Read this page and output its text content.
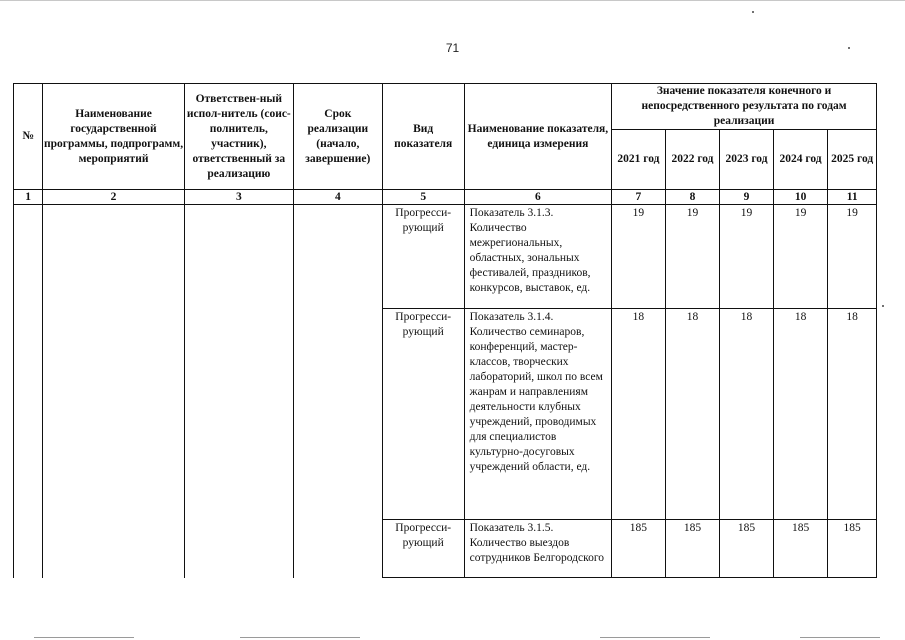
71
№	Наименование государственной программы, подпрограмм, мероприятий	Ответствен-ный испол-нитель (соис-полнитель, участник), ответственный за реализацию	Срок реализации (начало, завершение)	Вид показателя	Наименование показателя, единица измерения	Значение показателя конечного и непосредственного результата по годам реализации				
						2021 год	2022 год	2023 год	2024 год	2025 год
1	2	3	4	5	6	7	8	9	10	11
				Прогресси-рующий	Показатель 3.1.3. Количество межрегиональных, областных, зональных фестивалей, праздников, конкурсов, выставок, ед.	19	19	19	19	19
				Прогресси-рующий	Показатель 3.1.4. Количество семинаров, конференций, мастер-классов, творческих лабораторий, школ по всем жанрам и направлениям деятельности клубных учреждений, проводимых для специалистов культурно-досуговых учреждений области, ед.	18	18	18	18	18
				Прогресси-рующий	Показатель 3.1.5. Количество выездов сотрудников Белгородского	185	185	185	185	185
